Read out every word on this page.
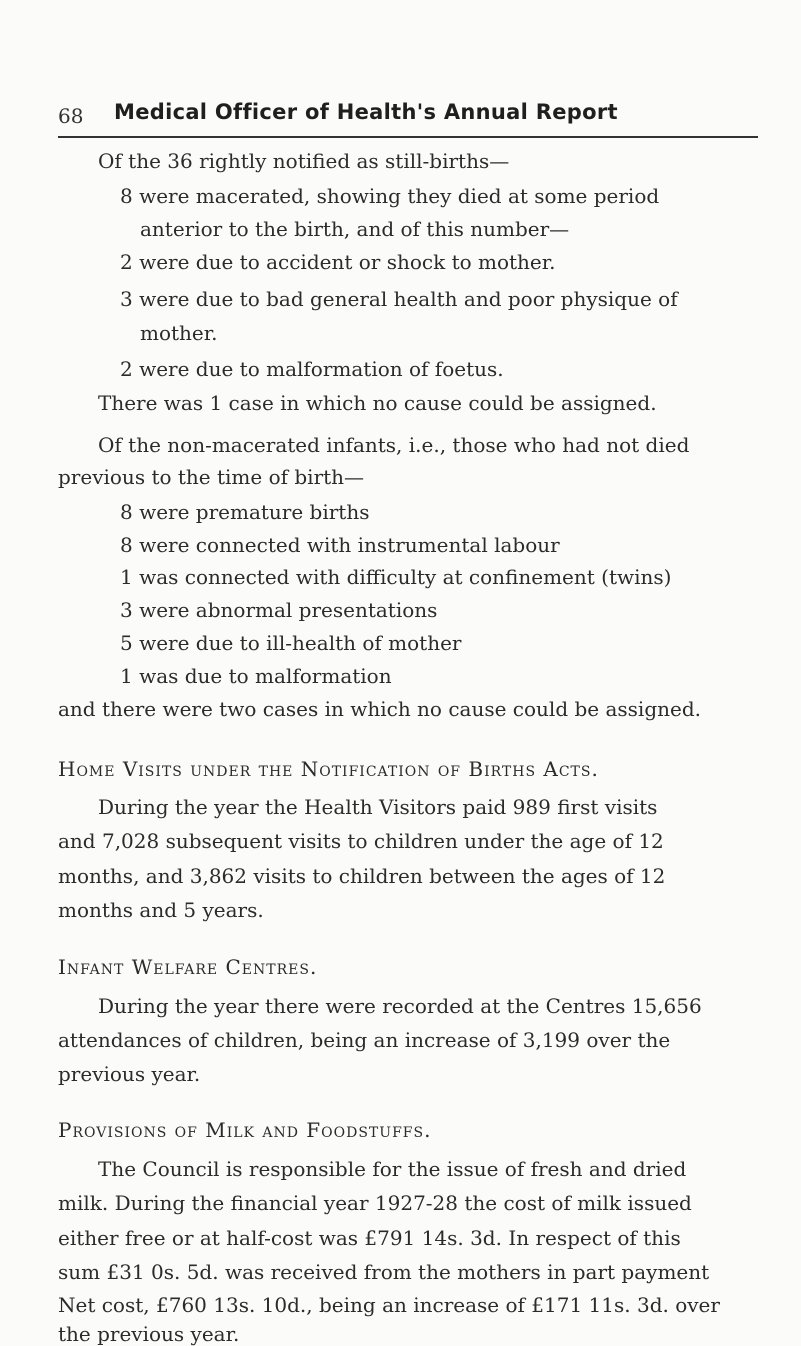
68 Medical Officer of Health's Annual Report
Of the 36 rightly notified as still-births—
8 were macerated, showing they died at some period
anterior to the birth, and of this number—
2 were due to accident or shock to mother.
3 were due to bad general health and poor physique of
mother.
2 were due to malformation of foetus.
There was 1 case in which no cause could be assigned.
Of the non-macerated infants, i.e., those who had not died
previous to the time of birth—
8 were premature births
8 were connected with instrumental labour
1 was connected with difficulty at confinement (twins)
3 were abnormal presentations
5 were due to ill-health of mother
1 was due to malformation
and there were two cases in which no cause could be assigned.
Home Visits under the Notification of Births Acts.
During the year the Health Visitors paid 989 first visits
and 7,028 subsequent visits to children under the age of 12
months, and 3,862 visits to children between the ages of 12
months and 5 years.
Infant Welfare Centres.
During the year there were recorded at the Centres 15,656
attendances of children, being an increase of 3,199 over the
previous year.
Provisions of Milk and Foodstuffs.
The Council is responsible for the issue of fresh and dried
milk. During the financial year 1927-28 the cost of milk issued
either free or at half-cost was £791 14s. 3d. In respect of this
sum £31 0s. 5d. was received from the mothers in part payment
Net cost, £760 13s. 10d., being an increase of £171 11s. 3d. over
the previous year.
